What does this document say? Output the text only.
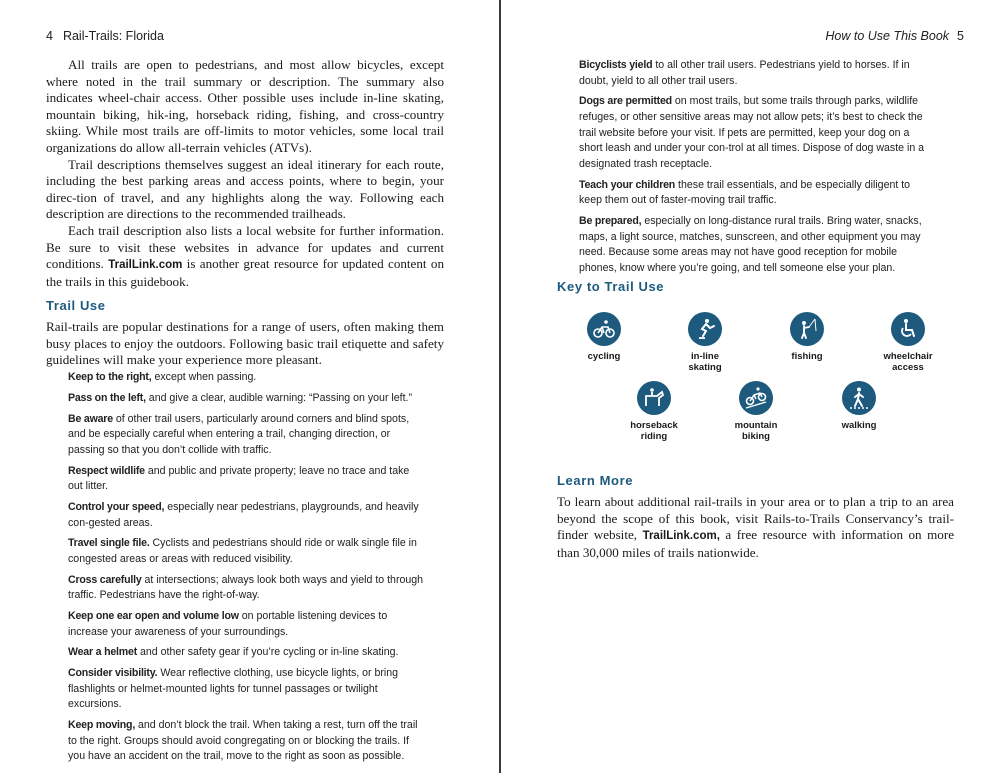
4 Rail-Trails: Florida

All trails are open to pedestrians, and most allow bicycles, except where noted in the trail summary or description. The summary also indicates wheel-chair access. Other possible uses include in-line skating, mountain biking, hik-ing, horseback riding, fishing, and cross-country skiing. While most trails are off-limits to motor vehicles, some local trail organizations do allow all-terrain vehicles (ATVs).

Trail descriptions themselves suggest an ideal itinerary for each route, including the best parking areas and access points, where to begin, your direc-tion of travel, and any highlights along the way. Following each description are directions to the recommended trailheads.

Each trail description also lists a local website for further information. Be sure to visit these websites in advance for updates and current conditions. TrailLink.com is another great resource for updated content on the trails in this guidebook.

Trail Use

Rail-trails are popular destinations for a range of users, often making them busy places to enjoy the outdoors. Following basic trail etiquette and safety guidelines will make your experience more pleasant.

Keep to the right, except when passing.
Pass on the left, and give a clear, audible warning: “Passing on your left.”
Be aware of other trail users, particularly around corners and blind spots, and be especially careful when entering a trail, changing direction, or passing so that you don’t collide with traffic.
Respect wildlife and public and private property; leave no trace and take out litter.
Control your speed, especially near pedestrians, playgrounds, and heavily con-gested areas.
Travel single file. Cyclists and pedestrians should ride or walk single file in congested areas or areas with reduced visibility.
Cross carefully at intersections; always look both ways and yield to through traffic. Pedestrians have the right-of-way.
Keep one ear open and volume low on portable listening devices to increase your awareness of your surroundings.
Wear a helmet and other safety gear if you’re cycling or in-line skating.
Consider visibility. Wear reflective clothing, use bicycle lights, or bring flashlights or helmet-mounted lights for tunnel passages or twilight excursions.
Keep moving, and don’t block the trail. When taking a rest, turn off the trail to the right. Groups should avoid congregating on or blocking the trails. If you have an accident on the trail, move to the right as soon as possible.
How to Use This Book 5
Bicyclists yield to all other trail users. Pedestrians yield to horses. If in doubt, yield to all other trail users.
Dogs are permitted on most trails, but some trails through parks, wildlife refuges, or other sensitive areas may not allow pets; it’s best to check the trail website before your visit. If pets are permitted, keep your dog on a short leash and under your con-trol at all times. Dispose of dog waste in a designated trash receptacle.
Teach your children these trail essentials, and be especially diligent to keep them out of faster-moving trail traffic.
Be prepared, especially on long-distance rural trails. Bring water, snacks, maps, a light source, matches, sunscreen, and other equipment you may need. Because some areas may not have good reception for mobile phones, know where you’re going, and tell someone else your plan.
Key to Trail Use
cycling	in-line skating
fishing	wheelchair access
horseback riding
mountain biking
walking
Learn More

To learn about additional rail-trails in your area or to plan a trip to an area beyond the scope of this book, visit Rails-to-Trails Conservancy’s trail-finder website, TrailLink.com, a free resource with information on more than 30,000 miles of trails nationwide.
